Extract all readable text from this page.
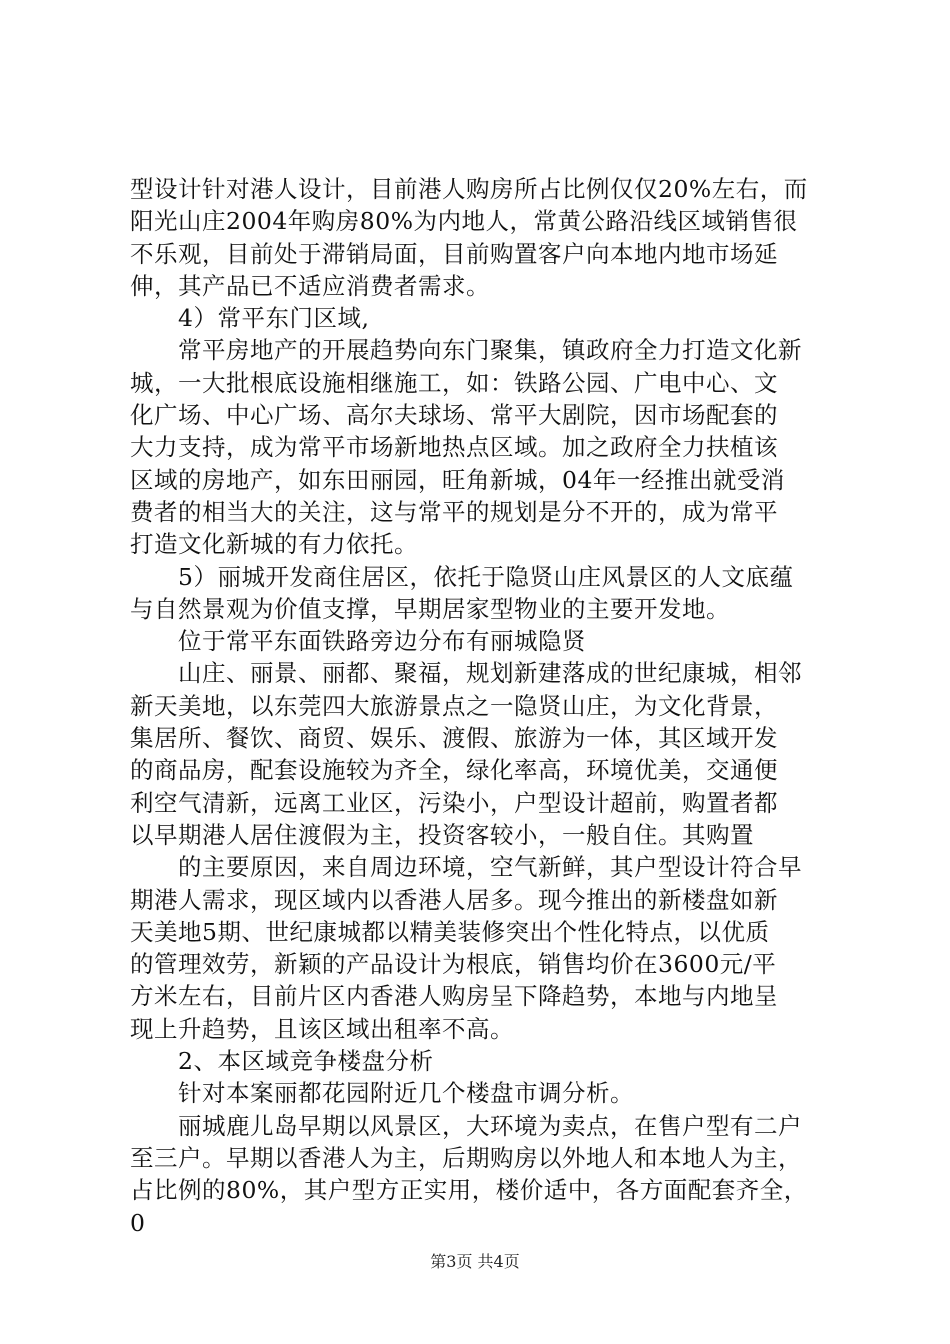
型设计针对港人设计，目前港人购房所占比例仅仅20%左右，而
阳光山庄2004年购房80%为内地人，常黄公路沿线区域销售很
不乐观，目前处于滞销局面，目前购置客户向本地内地市场延
伸，其产品已不适应消费者需求。
4）常平东门区域,
常平房地产的开展趋势向东门聚集，镇政府全力打造文化新
城，一大批根底设施相继施工，如：铁路公园、广电中心、文
化广场、中心广场、高尔夫球场、常平大剧院，因市场配套的
大力支持，成为常平市场新地热点区域。加之政府全力扶植该
区域的房地产，如东田丽园，旺角新城，04年一经推出就受消
费者的相当大的关注，这与常平的规划是分不开的，成为常平
打造文化新城的有力依托。
5）丽城开发商住居区，依托于隐贤山庄风景区的人文底蕴
与自然景观为价值支撑，早期居家型物业的主要开发地。
位于常平东面铁路旁边分布有丽城隐贤
山庄、丽景、丽都、聚福，规划新建落成的世纪康城，相邻
新天美地，以东莞四大旅游景点之一隐贤山庄，为文化背景，
集居所、餐饮、商贸、娱乐、渡假、旅游为一体，其区域开发
的商品房，配套设施较为齐全，绿化率高，环境优美，交通便
利空气清新，远离工业区，污染小，户型设计超前，购置者都
以早期港人居住渡假为主，投资客较小，一般自住。其购置
的主要原因，来自周边环境，空气新鲜，其户型设计符合早
期港人需求，现区域内以香港人居多。现今推出的新楼盘如新
天美地5期、世纪康城都以精美装修突出个性化特点，以优质
的管理效劳，新颖的产品设计为根底，销售均价在3600元/平
方米左右，目前片区内香港人购房呈下降趋势，本地与内地呈
现上升趋势，且该区域出租率不高。
2、本区域竞争楼盘分析
针对本案丽都花园附近几个楼盘市调分析。
丽城鹿儿岛早期以风景区，大环境为卖点，在售户型有二户
至三户。早期以香港人为主，后期购房以外地人和本地人为主，
占比例的80%，其户型方正实用，楼价适中，各方面配套齐全，
0
第3页 共4页
